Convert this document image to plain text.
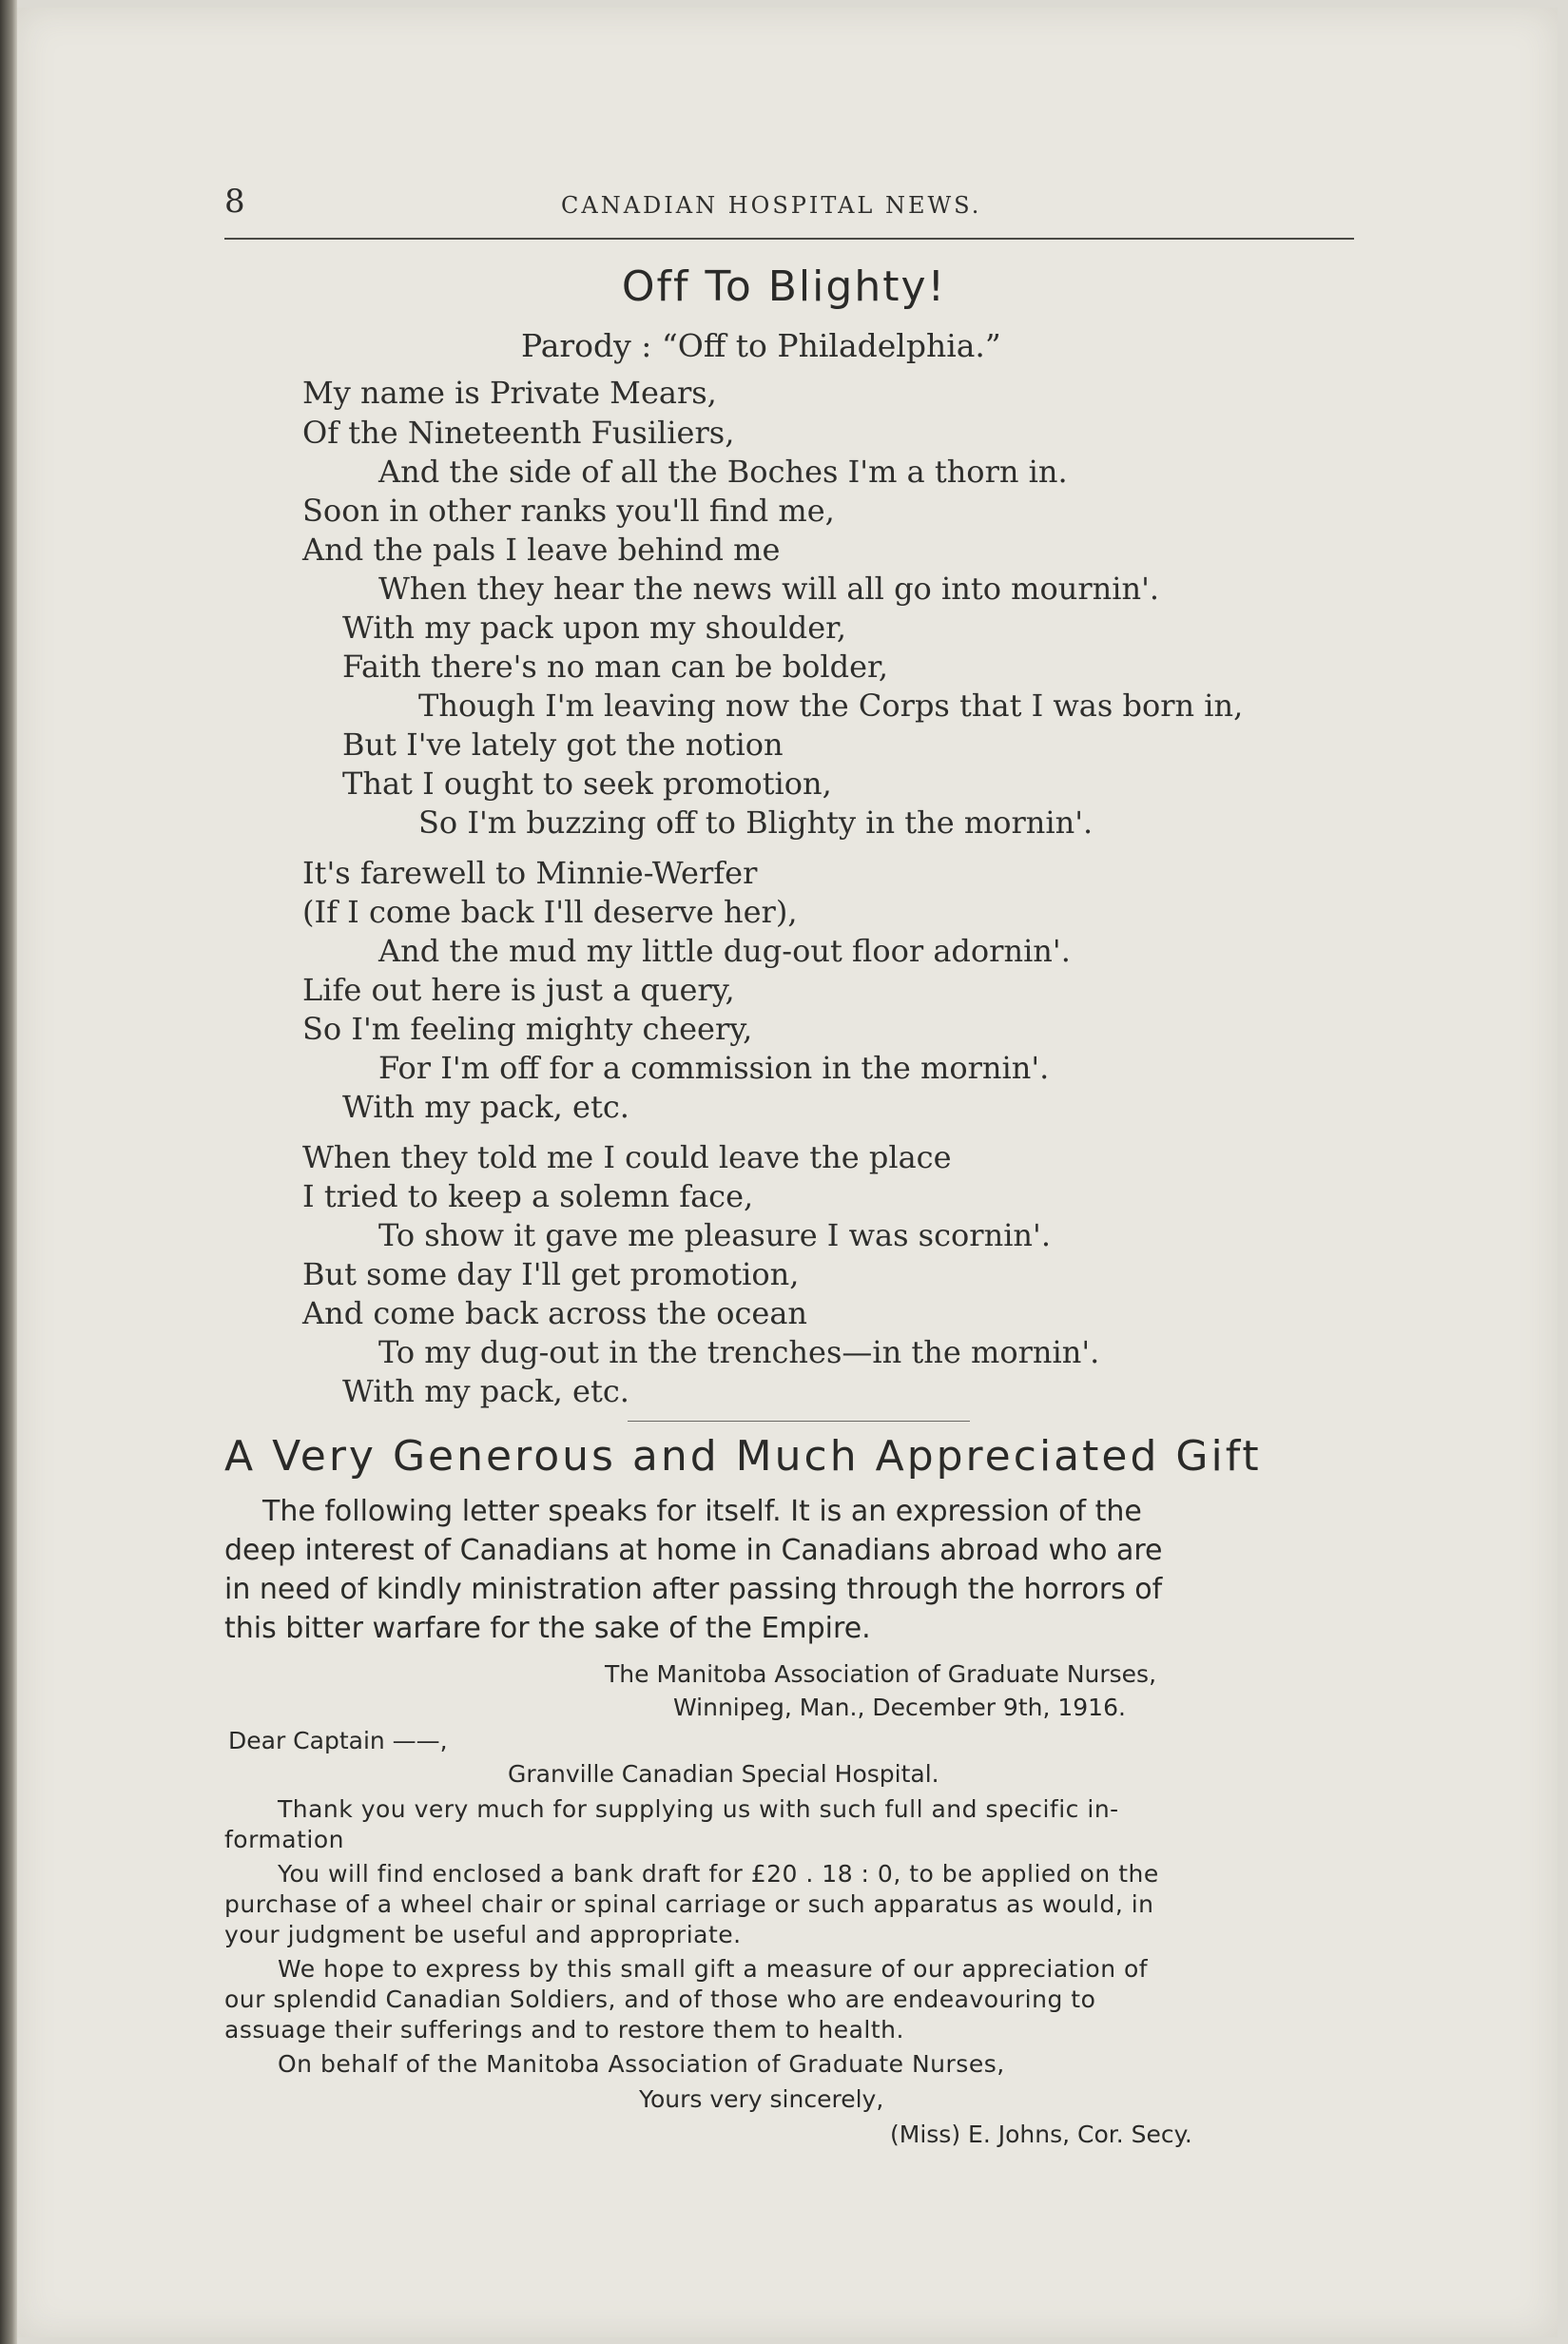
8	CANADIAN HOSPITAL NEWS.
Off To Blighty!
Parody : “Off to Philadelphia.”
My name is Private Mears,
Of the Nineteenth Fusiliers,
And the side of all the Boches I'm a thorn in.
Soon in other ranks you'll find me,
And the pals I leave behind me
When they hear the news will all go into mournin'.
With my pack upon my shoulder,
Faith there's no man can be bolder,
Though I'm leaving now the Corps that I was born in,
But I've lately got the notion
That I ought to seek promotion,
So I'm buzzing off to Blighty in the mornin'.
It's farewell to Minnie-Werfer
(If I come back I'll deserve her),
And the mud my little dug-out floor adornin'.
Life out here is just a query,
So I'm feeling mighty cheery,
For I'm off for a commission in the mornin'.
With my pack, etc.
When they told me I could leave the place
I tried to keep a solemn face,
To show it gave me pleasure I was scornin'.
But some day I'll get promotion,
And come back across the ocean
To my dug-out in the trenches—in the mornin'.
With my pack, etc.
A Very Generous and Much Appreciated Gift
The following letter speaks for itself. It is an expression of the
deep interest of Canadians at home in Canadians abroad who are
in need of kindly ministration after passing through the horrors of
this bitter warfare for the sake of the Empire.
The Manitoba Association of Graduate Nurses,
Winnipeg, Man., December 9th, 1916.
Dear Captain ——,
Granville Canadian Special Hospital.
Thank you very much for supplying us with such full and specific in-
formation
You will find enclosed a bank draft for £20 . 18 : 0, to be applied on the
purchase of a wheel chair or spinal carriage or such apparatus as would, in
your judgment be useful and appropriate.
We hope to express by this small gift a measure of our appreciation of
our splendid Canadian Soldiers, and of those who are endeavouring to
assuage their sufferings and to restore them to health.
On behalf of the Manitoba Association of Graduate Nurses,
Yours very sincerely,
(Miss) E. Johns, Cor. Secy.
